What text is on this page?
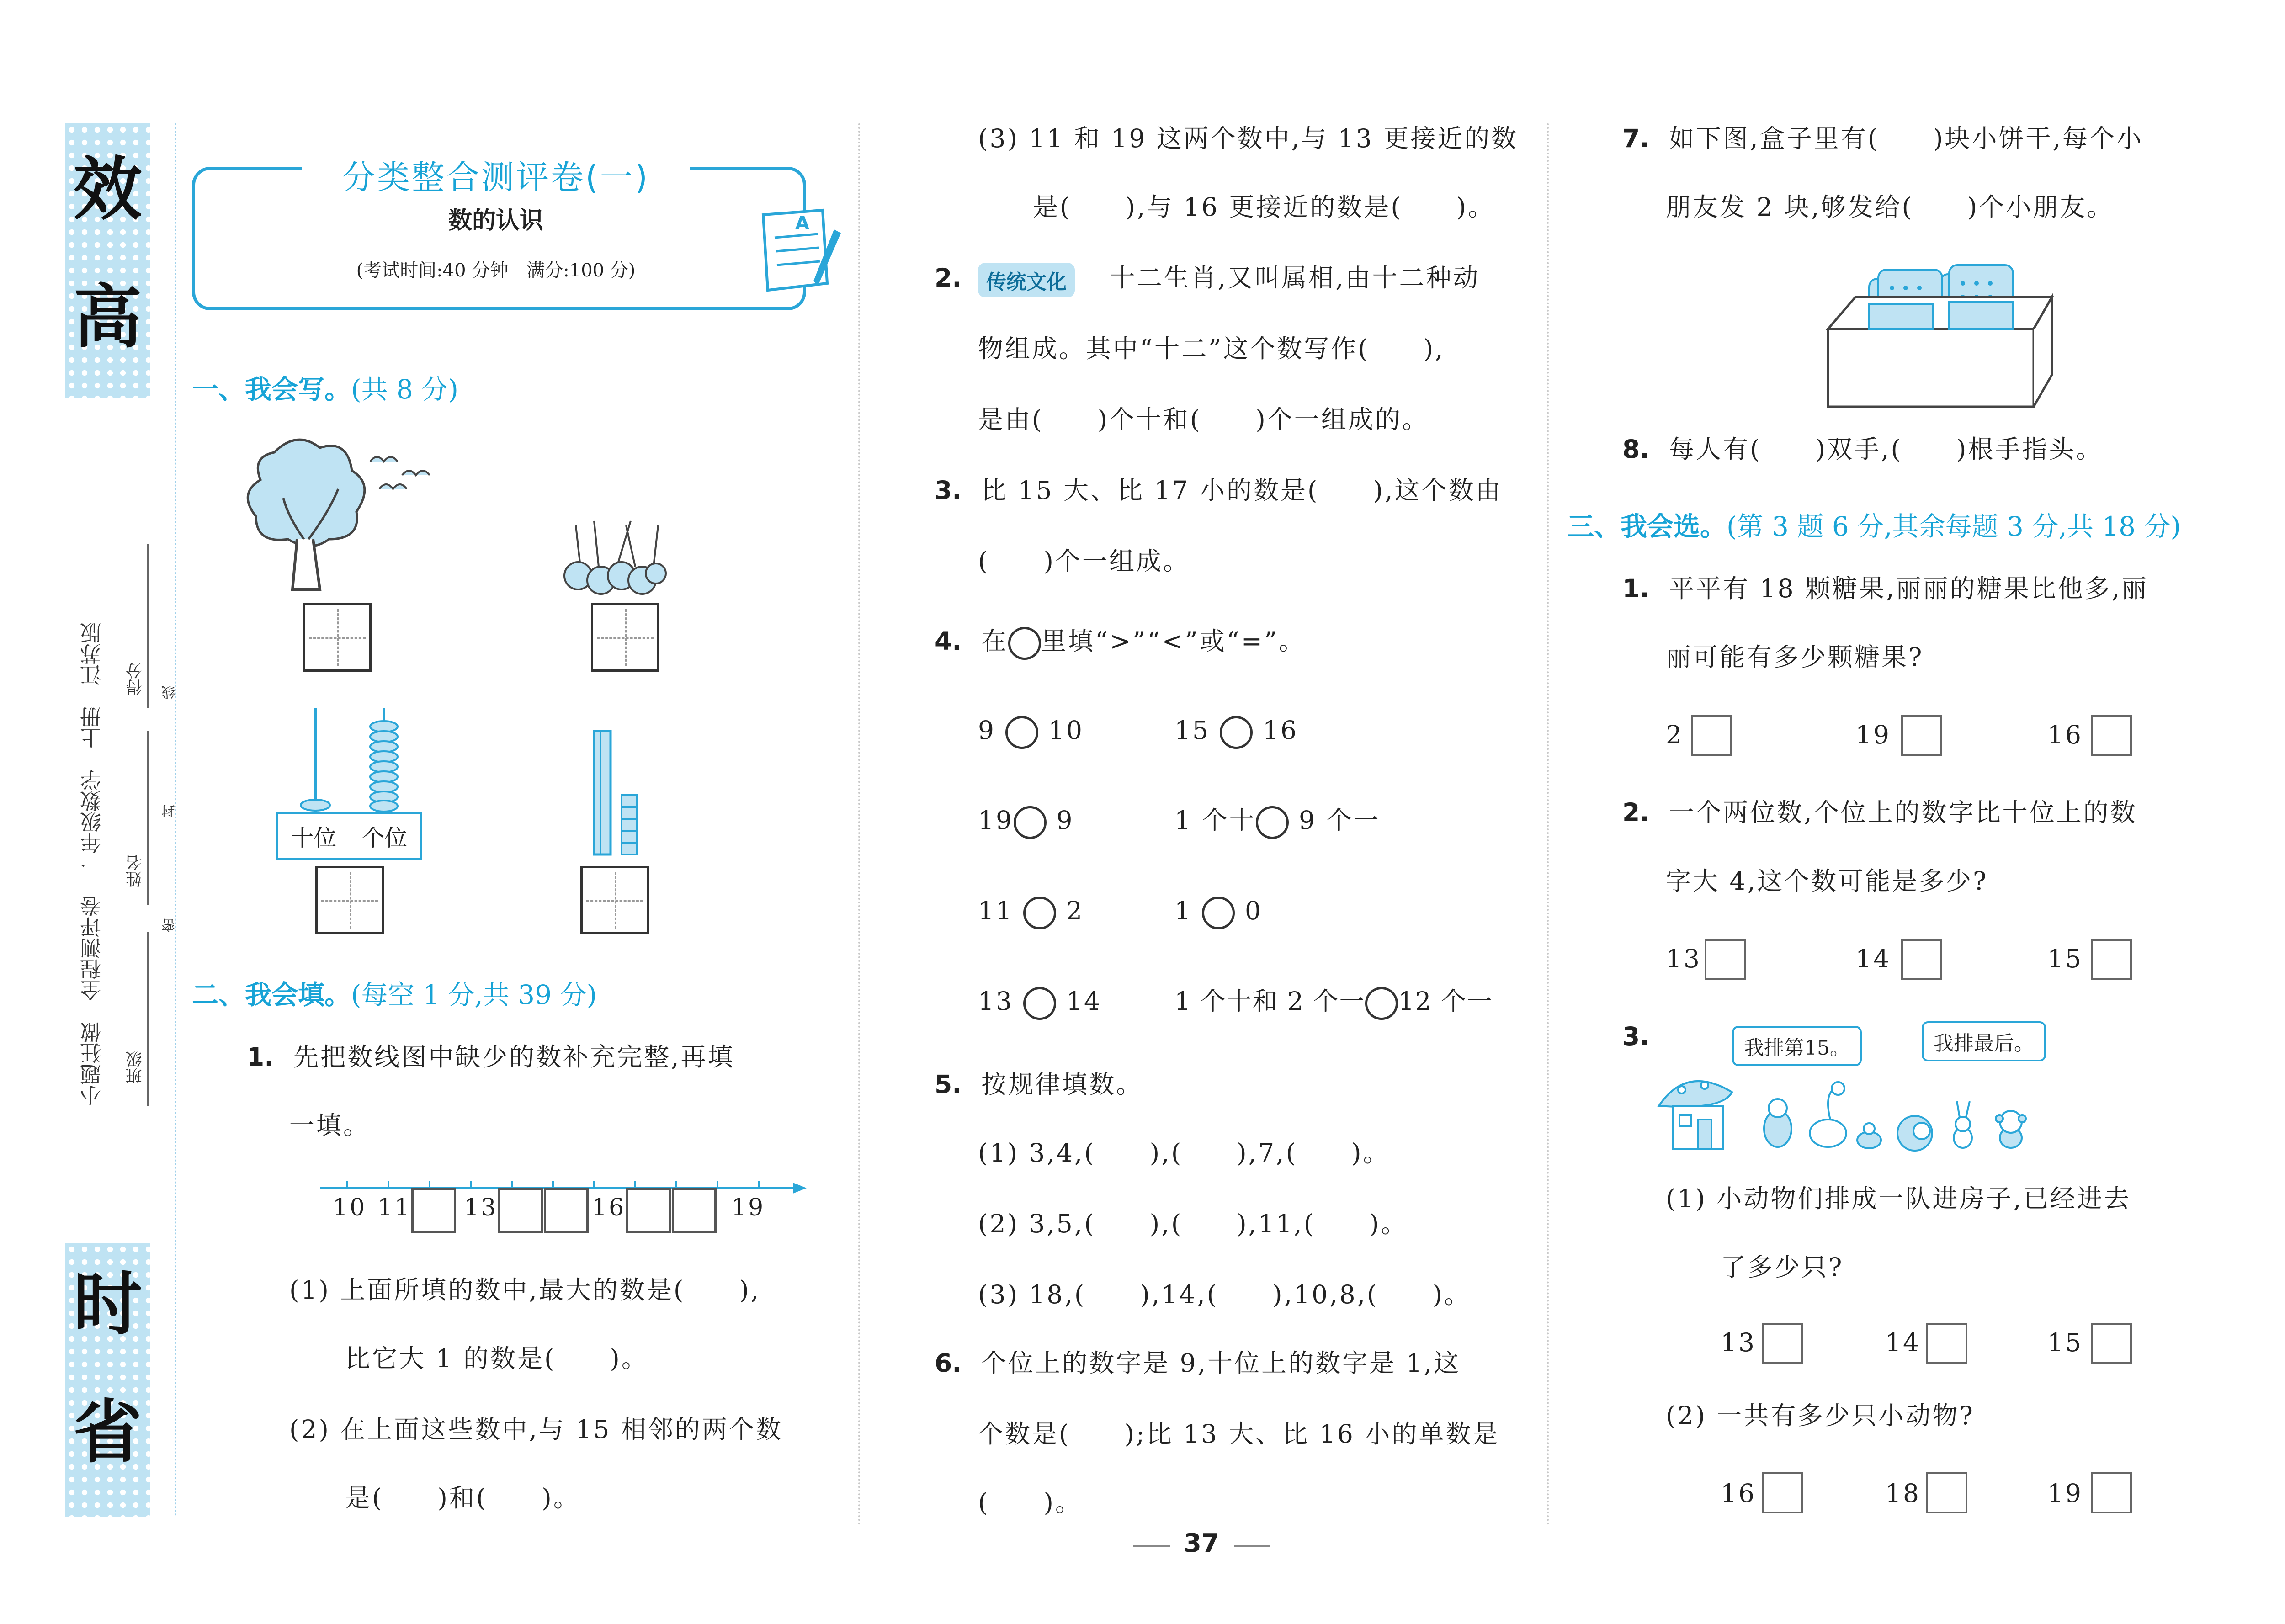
高
效
省
时
小题狂做　全程测评卷　一年级数学　上册　江苏版 班级
姓名
得分 线
封
密
分类整合测评卷(一)
数的认识
(考试时间:40 分钟　满分:100 分)
A
一、我会写。(共 8 分)
十位 个位
二、我会填。(每空 1 分,共 39 分)
1. 先把数线图中缺少的数补充完整,再填
一填。
10 11 13	16	19
(1) 上面所填的数中,最大的数是(　　),
比它大 1 的数是(　　)。
(2) 在上面这些数中,与 15 相邻的两个数
是(　　)和(　　)。
(3) 11 和 19 这两个数中,与 13 更接近的数
是(　　),与 16 更接近的数是(　　)。
2.	十二生肖,又叫属相,由十二种动
传统文化
物组成。其中“十二”这个数写作(　　),
是由(　　)个十和(　　)个一组成的。
3. 比 15 大、比 17 小的数是(　　),这个数由
(　　)个一组成。
4. 在 里填“>”“<”或“=”。
9 10	15 16
19 9	1 个十 9 个一
11 2	1 0
13 14	1 个十和 2 个一 12 个一
5. 按规律填数。
(1) 3,4,(　　),(　　),7,(　　)。
(2) 3,5,(　　),(　　),11,(　　)。
(3) 18,(　　),14,(　　),10,8,(　　)。
6. 个位上的数字是 9,十位上的数字是 1,这
个数是(　　);比 13 大、比 16 小的单数是
(　　)。
7. 如下图,盒子里有(　　)块小饼干,每个小
朋友发 2 块,够发给(　　)个小朋友。
8. 每人有(　　)双手,(　　)根手指头。
三、我会选。(第 3 题 6 分,其余每题 3 分,共 18 分)
1. 平平有 18 颗糖果,丽丽的糖果比他多,丽
丽可能有多少颗糖果?
2	19	16
2. 一个两位数,个位上的数字比十位上的数
字大 4,这个数可能是多少?
13	14	15
3.	我排第15。	我排最后。
(1) 小动物们排成一队进房子,已经进去
了多少只?
13	14	15
(2) 一共有多少只小动物?
16	18	19
37
